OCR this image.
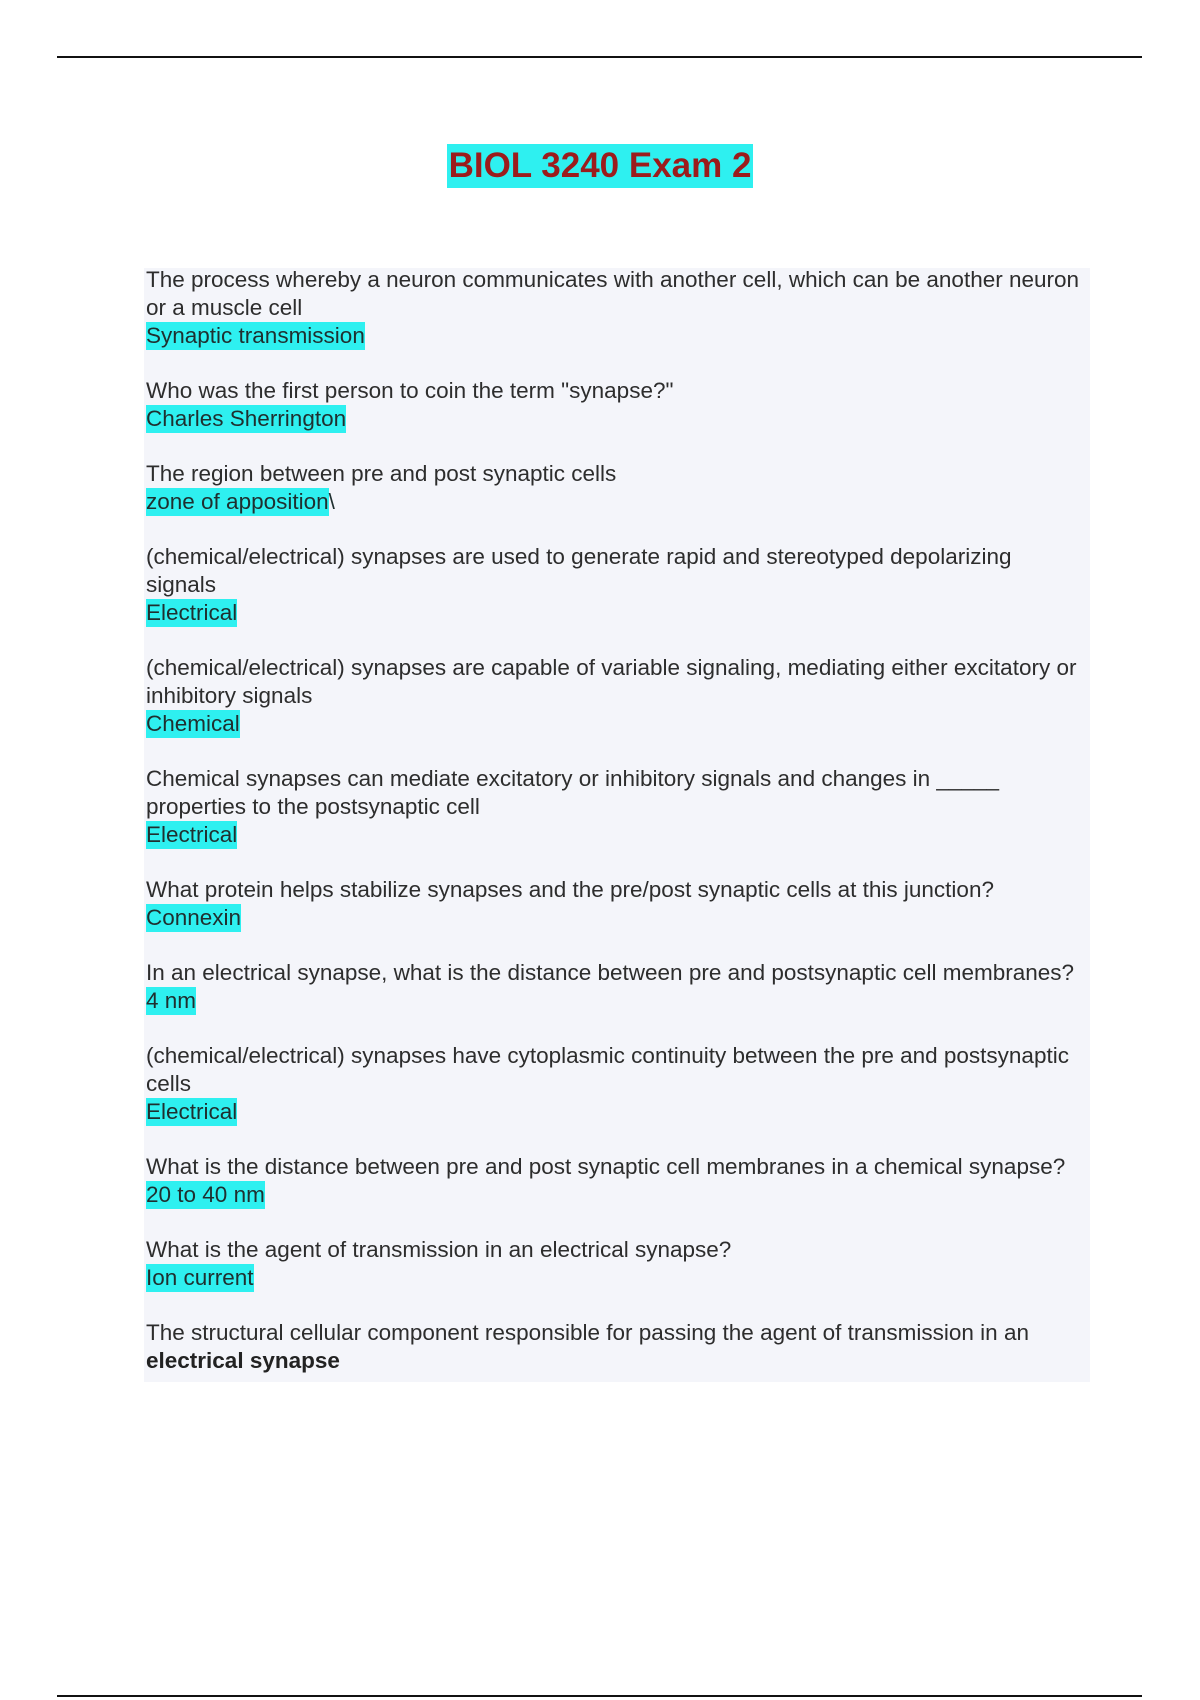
BIOL 3240 Exam 2
The process whereby a neuron communicates with another cell, which can be another neuron or a muscle cell
Synaptic transmission
Who was the first person to coin the term "synapse?"
Charles Sherrington
The region between pre and post synaptic cells
zone of apposition\
(chemical/electrical) synapses are used to generate rapid and stereotyped depolarizing signals
Electrical
(chemical/electrical) synapses are capable of variable signaling, mediating either excitatory or inhibitory signals
Chemical
Chemical synapses can mediate excitatory or inhibitory signals and changes in _____ properties to the postsynaptic cell
Electrical
What protein helps stabilize synapses and the pre/post synaptic cells at this junction?
Connexin
In an electrical synapse, what is the distance between pre and postsynaptic cell membranes?
4 nm
(chemical/electrical) synapses have cytoplasmic continuity between the pre and postsynaptic cells
Electrical
What is the distance between pre and post synaptic cell membranes in a chemical synapse?
20 to 40 nm
What is the agent of transmission in an electrical synapse?
Ion current
The structural cellular component responsible for passing the agent of transmission in an electrical synapse
